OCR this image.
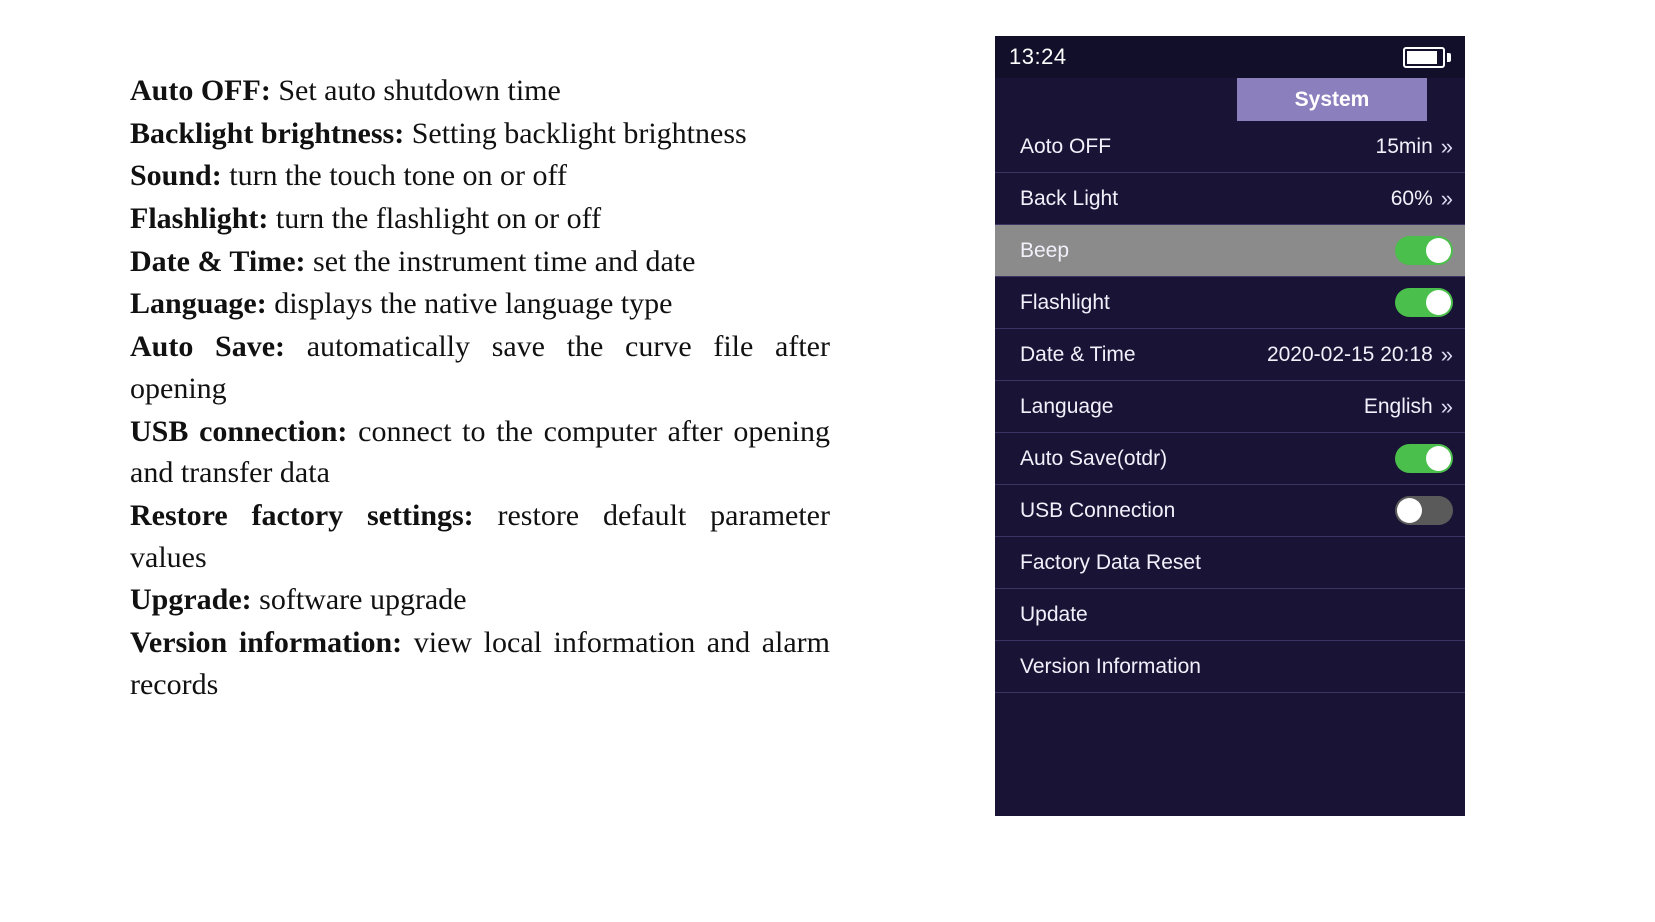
Auto OFF: Set auto shutdown time

Backlight brightness: Setting backlight brightness

Sound: turn the touch tone on or off

Flashlight: turn the flashlight on or off

Date & Time: set the instrument time and date

Language: displays the native language type

Auto Save: automatically save the curve file after opening

USB connection: connect to the computer after opening and transfer data

Restore factory settings: restore default parameter values

Upgrade: software upgrade

Version information: view local information and alarm records

13:24
System
Aoto OFF	15min »
Back Light	60% »
Beep
Flashlight
Date & Time	2020-02-15 20:18 »
Language	English »
Auto Save(otdr)
USB Connection
Factory Data Reset
Update
Version Information
